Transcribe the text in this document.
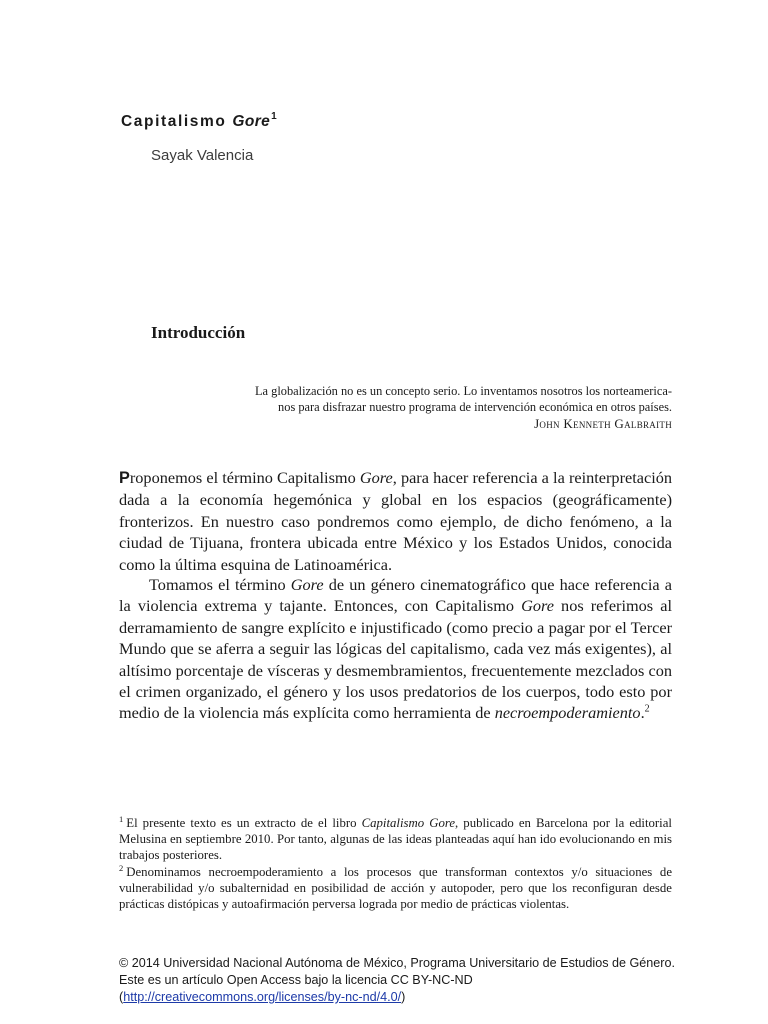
Capitalismo Gore$^1$
Sayak Valencia
Introducción
La globalización no es un concepto serio. Lo inventamos nosotros los norteamerica-
nos para disfrazar nuestro programa de intervención económica en otros países.
John Kenneth Galbraith
Proponemos el término Capitalismo Gore, para hacer referencia a la reinterpretación dada a la economía hegemónica y global en los espacios (geográficamente) fronterizos. En nuestro caso pondremos como ejemplo, de dicho fenómeno, a la ciudad de Tijuana, frontera ubicada entre México y los Estados Unidos, conocida como la última esquina de Latinoamérica.
Tomamos el término Gore de un género cinematográfico que hace referencia a la violencia extrema y tajante. Entonces, con Capitalismo Gore nos referimos al derramamiento de sangre explícito e injustificado (como precio a pagar por el Tercer Mundo que se aferra a seguir las lógicas del capitalismo, cada vez más exigentes), al altísimo porcentaje de vísceras y desmembramientos, frecuentemente mezclados con el crimen organizado, el género y los usos predatorios de los cuerpos, todo esto por medio de la violencia más explícita como herramienta de necroempoderamiento.$^2$
$^1$ El presente texto es un extracto de el libro Capitalismo Gore, publicado en Barcelona por la editorial Melusina en septiembre 2010. Por tanto, algunas de las ideas planteadas aquí han ido evolucionando en mis trabajos posteriores.
$^2$ Denominamos necroempoderamiento a los procesos que transforman contextos y/o situaciones de vulnerabilidad y/o subalternidad en posibilidad de acción y autopoder, pero que los reconfiguran desde prácticas distópicas y autoafirmación perversa lograda por medio de prácticas violentas.
© 2014 Universidad Nacional Autónoma de México, Programa Universitario de Estudios de Género.
Este es un artículo Open Access bajo la licencia CC BY-NC-ND
(http://creativecommons.org/licenses/by-nc-nd/4.0/)
